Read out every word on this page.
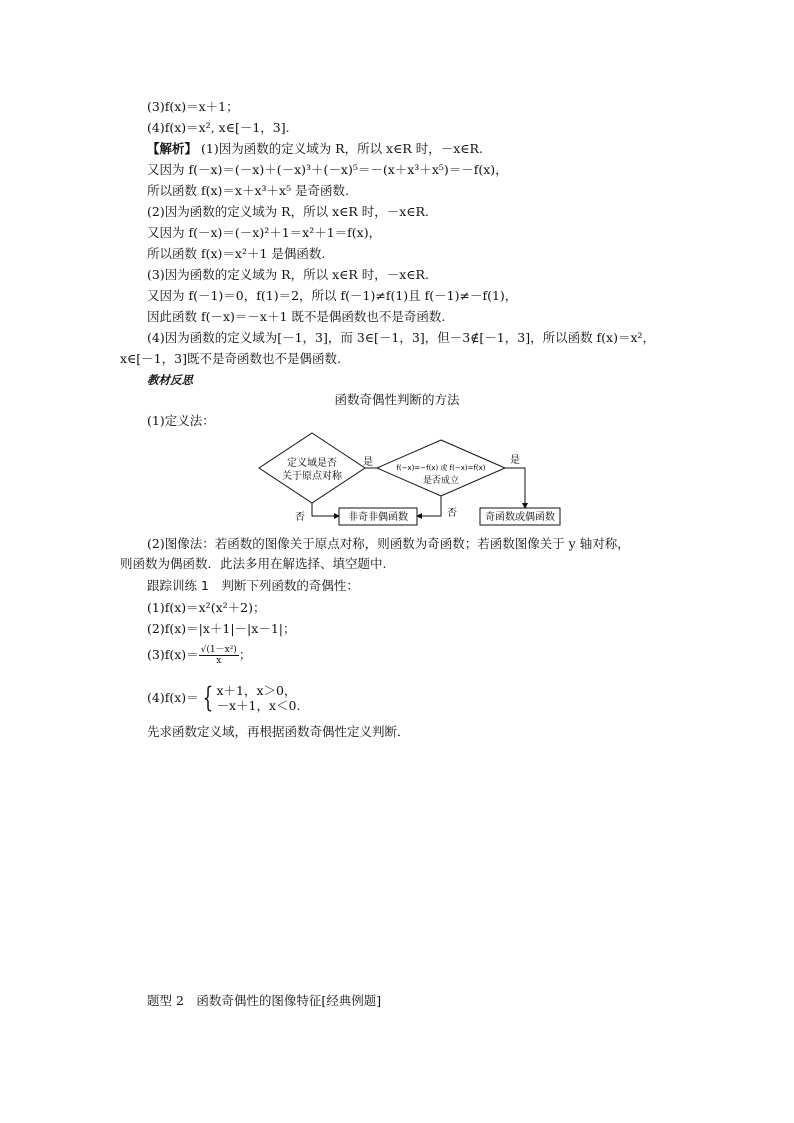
(3)f(x)＝x＋1；
(4)f(x)＝x², x∈[－1，3].
【解析】 (1)因为函数的定义域为 R，所以 x∈R 时，－x∈R.
又因为 f(－x)＝(－x)＋(－x)³＋(－x)⁵＝－(x＋x³＋x⁵)＝－f(x)，
所以函数 f(x)＝x＋x³＋x⁵ 是奇函数.
(2)因为函数的定义域为 R，所以 x∈R 时，－x∈R.
又因为 f(－x)＝(－x)²＋1＝x²＋1＝f(x)，
所以函数 f(x)＝x²＋1 是偶函数.
(3)因为函数的定义域为 R，所以 x∈R 时，－x∈R.
又因为 f(－1)＝0，f(1)＝2，所以 f(－1)≠f(1)且 f(－1)≠－f(1)，
因此函数 f(－x)＝－x＋1 既不是偶函数也不是奇函数.
(4)因为函数的定义域为[－1，3]，而 3∈[－1，3]，但－3∉[－1，3]，所以函数 f(x)＝x²，
x∈[－1，3]既不是奇函数也不是偶函数.
教材反思
函数奇偶性判断的方法
(1)定义法：
定义域是否
关于原点对称
是	f(−x)=−f(x) 或 f(−x)=f(x)
是否成立
是
否	否
非奇非偶函数	奇函数或偶函数
(2)图像法：若函数的图像关于原点对称，则函数为奇函数；若函数图像关于 y 轴对称，
则函数为偶函数．此法多用在解选择、填空题中.
跟踪训练 1　判断下列函数的奇偶性：
(1)f(x)＝x²(x²＋2)；
(2)f(x)＝|x＋1|－|x－1|；
$(3)f(x)= \frac{\text{√(1－x²)}}{x}$ ；
(4)f(x)＝ { x＋1，x＞0，
－x＋1，x＜0.
先求函数定义域，再根据函数奇偶性定义判断．
题型 2　函数奇偶性的图像特征[经典例题]
